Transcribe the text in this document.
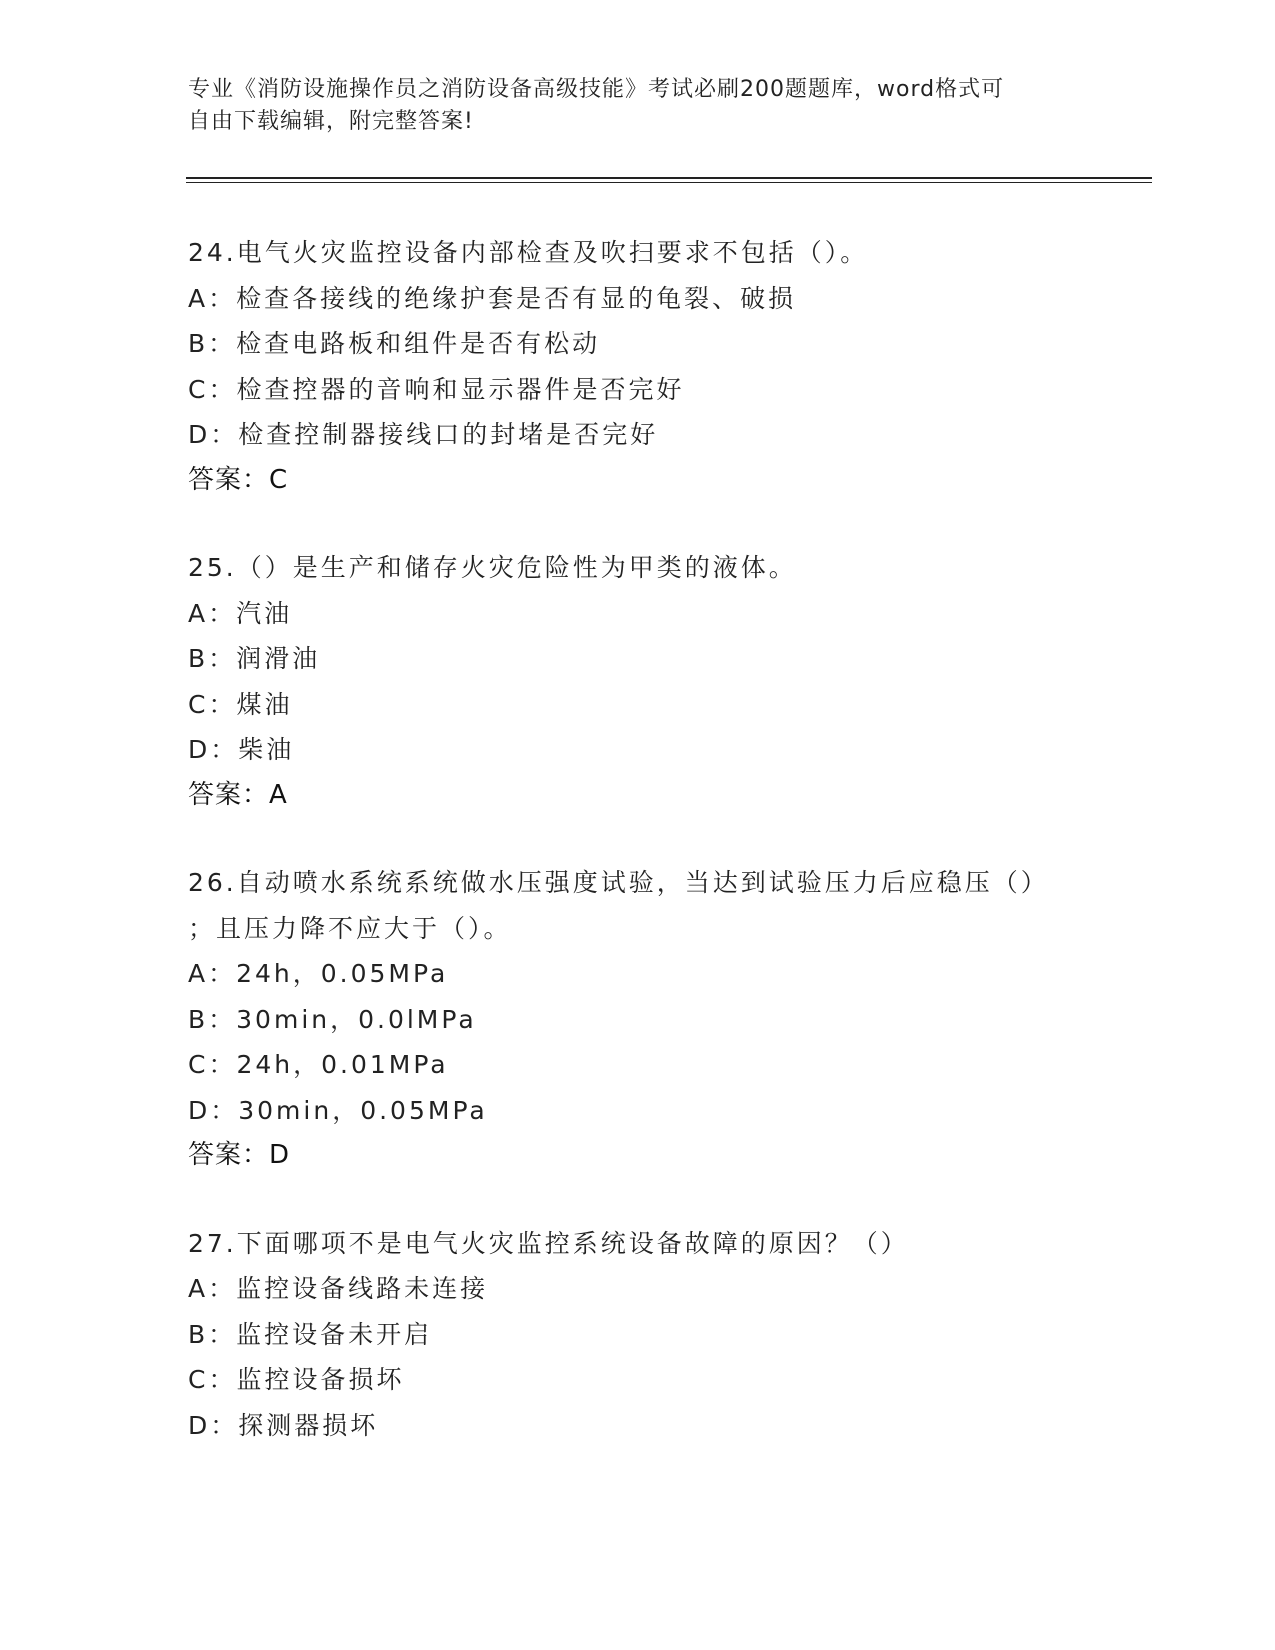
专业《消防设施操作员之消防设备高级技能》考试必刷200题题库，word格式可
自由下载编辑，附完整答案!
24.电气火灾监控设备内部检查及吹扫要求不包括（）。
A：检查各接线的绝缘护套是否有显的龟裂、破损
B：检查电路板和组件是否有松动
C：检查控器的音响和显示器件是否完好
D：检查控制器接线口的封堵是否完好
答案：C
25.（）是生产和储存火灾危险性为甲类的液体。
A：汽油
B：润滑油
C：煤油
D：柴油
答案：A
26.自动喷水系统系统做水压强度试验，当达到试验压力后应稳压（）
；且压力降不应大于（）。
A：24h，0.05MPa
B：30min，0.0lMPa
C：24h，0.01MPa
D：30min，0.05MPa
答案：D
27.下面哪项不是电气火灾监控系统设备故障的原因？（）
A：监控设备线路未连接
B：监控设备未开启
C：监控设备损坏
D：探测器损坏
